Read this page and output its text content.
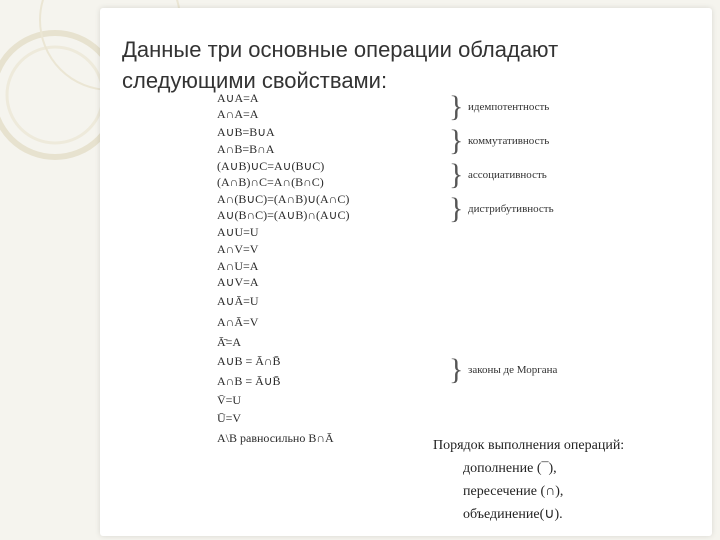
Данные три основные операции обладают следующими свойствами:
A∪A=A
A∩A=A
A∪B=B∪A
A∩B=B∩A
(A∪B)∪C=A∪(B∪C)
(A∩B)∩C=A∩(B∩C)
A∩(B∪C)=(A∩B)∪(A∩C)
A∪(B∩C)=(A∪B)∩(A∪C)
A∪U=U
A∩V=V
A∩U=A
A∪V=A
A∪Ā=U
A∩Ā=V
Ā̄=A
A∪B = Ā∩B̄
A∩B = Ā∪B̄
V̄=U
Ū=V
A\B равносильно B∩Ā
} идемпотентность
} коммутативность
} ассоциативность
} дистрибутивность
} законы де Моргана
Порядок выполнения операций:
дополнение (¯),
пересечение (∩),
объединение(∪).
